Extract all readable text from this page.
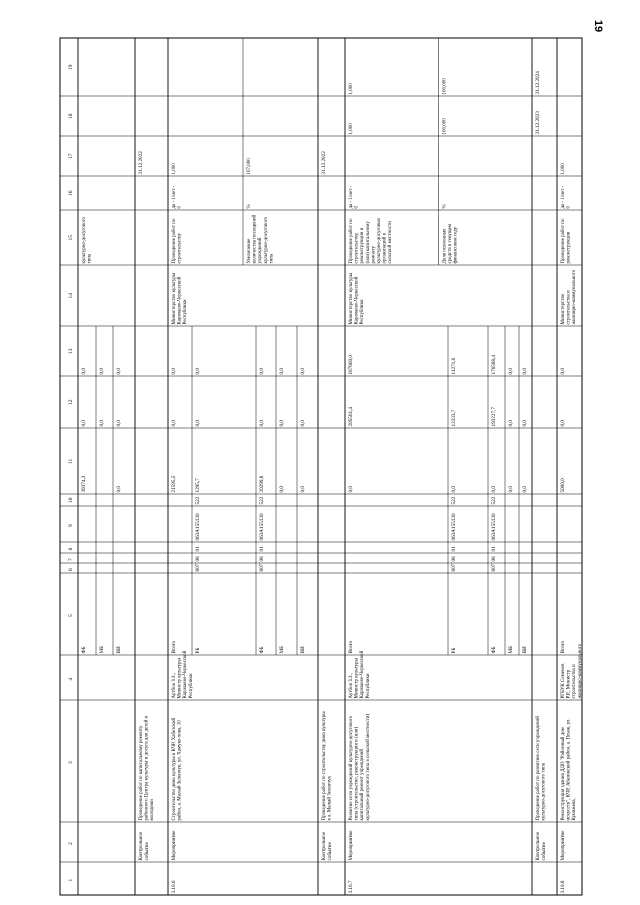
19
1
2
3
4
5
6
7
8
9
10
11
12
13
14
15
16
17
18
19
ФБ
39374,3
0,0
0,0
МБ
0,0
0,0
ВИ
0,0
0,0
0,0
культурно-досугового типа
Контрольное событие
Проведение работ по капитальному ремонту районного Центра культуры и досуга для детей и молодежи
31.12.2022
3.10.6
Мероприятие
Строительство дома культуры в КЧР, Хабезский район, а. Малый Зеленчук, ул. Хамуко-хова, 10
Аутбов З.З., Министр культуры Карачаево-Черкесской Республики
Всего
21595,5
0,0
0,0
РБ
807
08
01
063A155130
522
1295,7
0,0
0,0
ФБ
807
08
01
063A155130
522
20299,8
0,0
0,0
МБ
0,0
0,0
0,0
ВИ
0,0
0,0
0,0
Министерство культуры Карачаево-Черкесской Республики
Проведение работ по строительству
да - 1/нет - 0
1,000
Увеличение количества посещений учреждений культурно-досугового типа
%
107,000
Контрольное событие
Проведение работ по строительству дома культуры в а. Малый Зеленчук
31.12.2022
3.10.7
Мероприятие
Развитие сети учреждений культурно-досугового типа (строительство, реконструкция и (или) капитальный ремонт учреждений культурно-досугового типа в сельской местности)
Аутбов З.З., Министр культуры Карачаево-Черкесской Республики
Всего
0,0
205561,4
187860,0
РБ
807
08
01
063A155130
522
0,0
12333,7
11271,6
ФБ
807
08
01
063A155130
522
0,0
193227,7
176588,4
МБ
0,0
0,0
0,0
ВИ
0,0
0,0
0,0
Министерство культуры Карачаево-Черкесской Республики
Проведение работ по строительству, реконструкции и (или) капитальному ремонту культурно-досуговых организаций в сельской местности
да - 1/нет - 0
1,000
1,000
Доля освоенных средств в текущем финансовом году
%
100,000
100,000
Контрольное событие
Проведение работ по развитию сети учреждений культурно-досугового типа
31.12.2023
31.12.2024
3.10.8
Мероприятие
Реконструкция здания ДДО "Районный дом искусств", КЧР, Абазинский район, а. Псыж, ул. Кунижева,
РГБУК Семенов Р.Р., Министр строительства и жилищно-коммунального
Всего
5000,0
0,0
0,0
Министерство строительства и жилищно-коммунального
Проведение работ по реконструкции
да - 1/нет - 0
1,000
